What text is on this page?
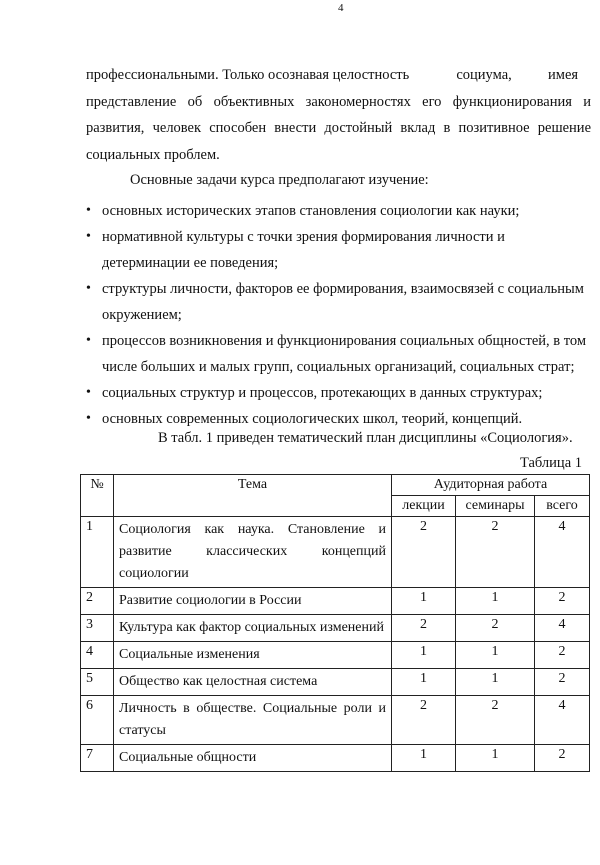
4
профессиональными. Только осознавая целостность             социума,          имея
представление об объективных закономерностях его функционирования и
развития, человек способен внести достойный вклад в позитивное решение
социальных проблем.
Основные задачи курса предполагают изучение:
• основных исторических этапов становления социологии как науки;
• нормативной культуры с точки зрения формирования личности и детерминации ее поведения;
• структуры личности, факторов ее формирования, взаимосвязей с социальным окружением;
• процессов возникновения и функционирования социальных общностей, в том числе больших и малых групп, социальных организаций, социальных страт;
• социальных структур и процессов, протекающих в данных структурах;
• основных современных социологических школ, теорий, концепций.
В табл. 1 приведен тематический план дисциплины «Социология».
Таблица 1
№	Тема	Аудиторная работа		
		лекции	семинары	всего
1	Социология как наука. Становление и развитие классических концепций социологии	2	2	4
2	Развитие социологии в России	1	1	2
3	Культура как фактор социальных изменений	2	2	4
4	Социальные изменения	1	1	2
5	Общество как целостная система	1	1	2
6	Личность в обществе. Социальные роли и статусы	2	2	4
7	Социальные общности	1	1	2
